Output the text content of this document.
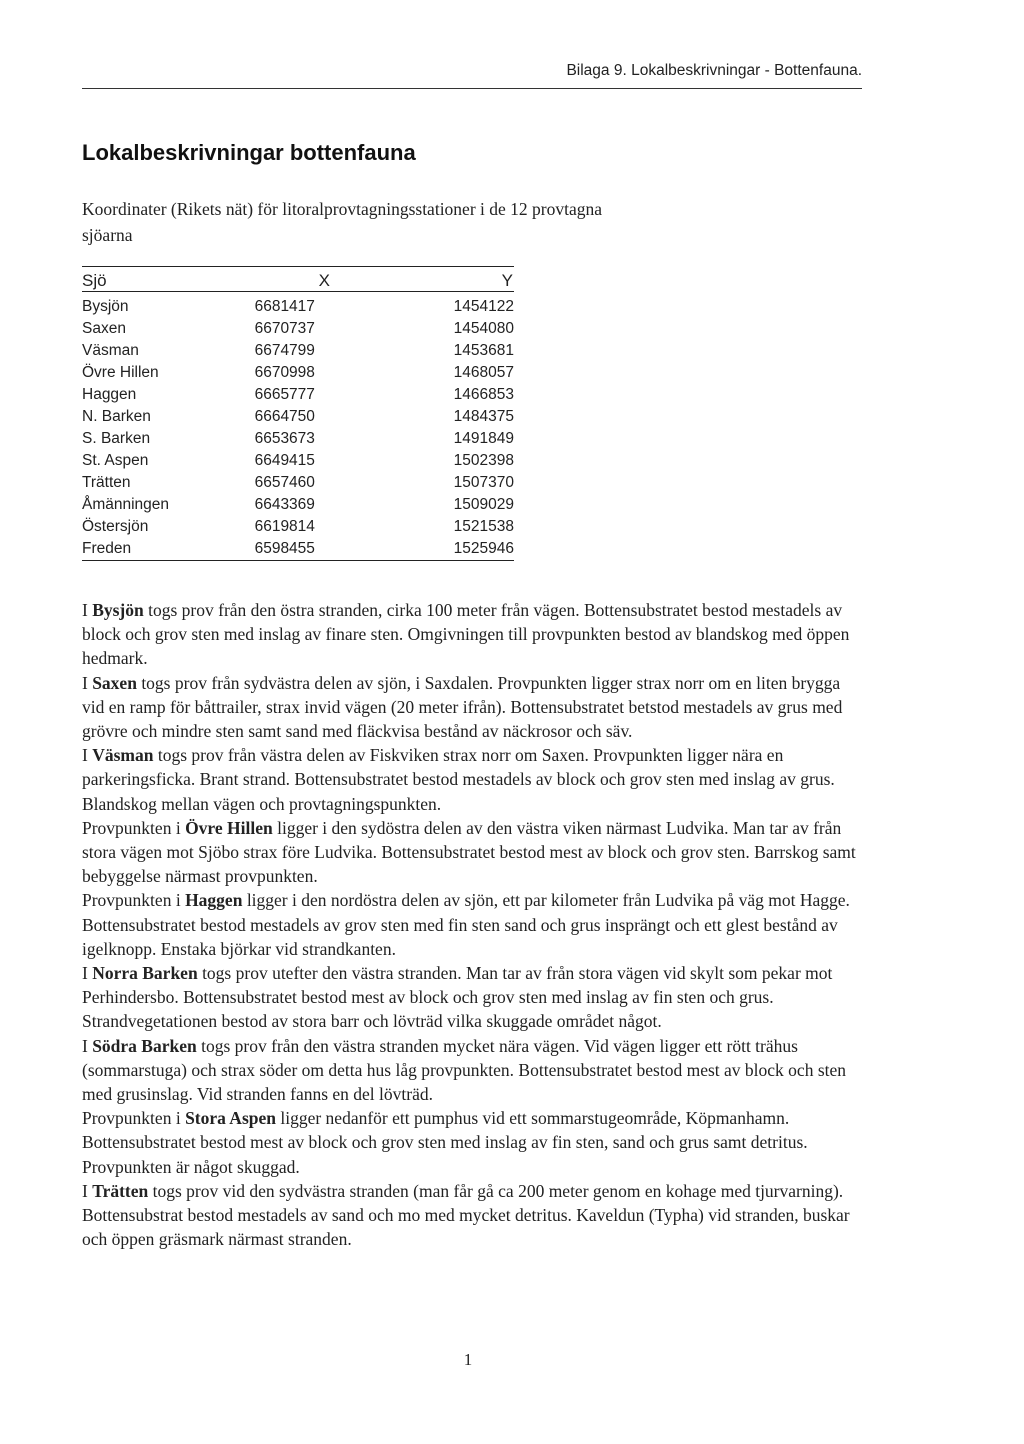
Bilaga 9. Lokalbeskrivningar - Bottenfauna.
Lokalbeskrivningar bottenfauna

Koordinater (Rikets nät) för litoralprovtagningsstationer i de 12 provtagna sjöarna

Sjö	X	Y
Bysjön	6681417	1454122
Saxen	6670737	1454080
Väsman	6674799	1453681
Övre Hillen	6670998	1468057
Haggen	6665777	1466853
N. Barken	6664750	1484375
S. Barken	6653673	1491849
St. Aspen	6649415	1502398
Trätten	6657460	1507370
Åmänningen	6643369	1509029
Östersjön	6619814	1521538
Freden	6598455	1525946

I Bysjön togs prov från den östra stranden, cirka 100 meter från vägen. Bottensubstratet bestod mestadels av block och grov sten med inslag av finare sten. Omgivningen till provpunkten bestod av blandskog med öppen hedmark.

I Saxen togs prov från sydvästra delen av sjön, i Saxdalen. Provpunkten ligger strax norr om en liten brygga vid en ramp för båttrailer, strax invid vägen (20 meter ifrån). Bottensubstratet betstod mestadels av grus med grövre och mindre sten samt sand med fläckvisa bestånd av näckrosor och säv.

I Väsman togs prov från västra delen av Fiskviken strax norr om Saxen. Provpunkten ligger nära en parkeringsficka. Brant strand. Bottensubstratet bestod mestadels av block och grov sten med inslag av grus. Blandskog mellan vägen och provtagningspunkten.

Provpunkten i Övre Hillen ligger i den sydöstra delen av den västra viken närmast Ludvika. Man tar av från stora vägen mot Sjöbo strax före Ludvika. Bottensubstratet bestod mest av block och grov sten. Barrskog samt bebyggelse närmast provpunkten.

Provpunkten i Haggen ligger i den nordöstra delen av sjön, ett par kilometer från Ludvika på väg mot Hagge. Bottensubstratet bestod mestadels av grov sten med fin sten sand och grus insprängt och ett glest bestånd av igelknopp. Enstaka björkar vid strandkanten.

I Norra Barken togs prov utefter den västra stranden. Man tar av från stora vägen vid skylt som pekar mot Perhindersbo. Bottensubstratet bestod mest av block och grov sten med inslag av fin sten och grus. Strandvegetationen bestod av stora barr och lövträd vilka skuggade området något.

I Södra Barken togs prov från den västra stranden mycket nära vägen. Vid vägen ligger ett rött trähus (sommarstuga) och strax söder om detta hus låg provpunkten. Bottensubstratet bestod mest av block och sten med grusinslag. Vid stranden fanns en del lövträd.

Provpunkten i Stora Aspen ligger nedanför ett pumphus vid ett sommarstugeområde, Köpmanhamn. Bottensubstratet bestod mest av block och grov sten med inslag av fin sten, sand och grus samt detritus. Provpunkten är något skuggad.

I Trätten togs prov vid den sydvästra stranden (man får gå ca 200 meter genom en kohage med tjurvarning). Bottensubstrat bestod mestadels av sand och mo med mycket detritus. Kaveldun (Typha) vid stranden, buskar och öppen gräsmark närmast stranden.

1
